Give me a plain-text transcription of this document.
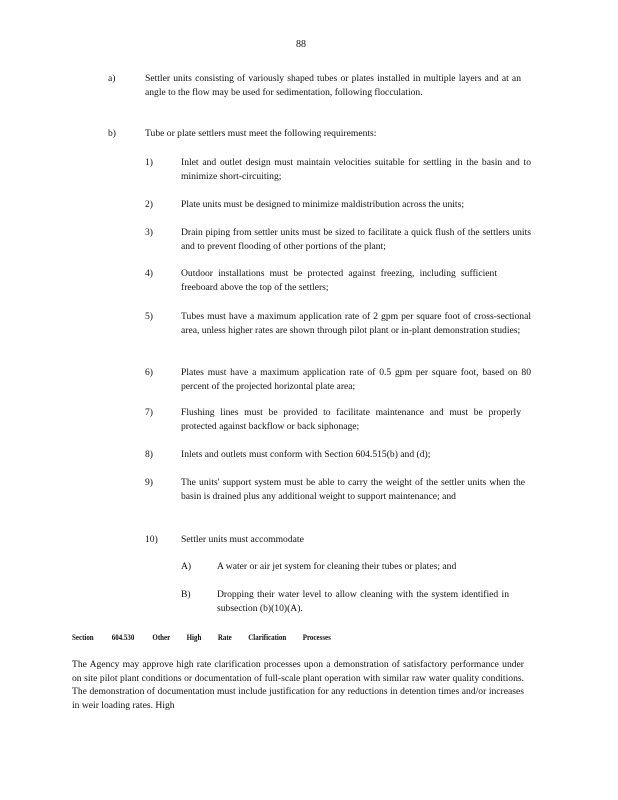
88
a)	Settler units consisting of variously shaped tubes or plates installed in multiple layers and at an angle to the flow may be used for sedimentation, following flocculation.
b)	Tube or plate settlers must meet the following requirements:
1)	Inlet and outlet design must maintain velocities suitable for settling in the basin and to minimize short-circuiting;
2)	Plate units must be designed to minimize maldistribution across the units;
3)	Drain piping from settler units must be sized to facilitate a quick flush of the settlers units and to prevent flooding of other portions of the plant;
4)	Outdoor installations must be protected against freezing, including sufficient freeboard above the top of the settlers;
5)	Tubes must have a maximum application rate of 2 gpm per square foot of cross-sectional area, unless higher rates are shown through pilot plant or in-plant demonstration studies;
6)	Plates must have a maximum application rate of 0.5 gpm per square foot, based on 80 percent of the projected horizontal plate area;
7)	Flushing lines must be provided to facilitate maintenance and must be properly protected against backflow or back siphonage;
8)	Inlets and outlets must conform with Section 604.515(b) and (d);
9)	The units' support system must be able to carry the weight of the settler units when the basin is drained plus any additional weight to support maintenance; and
10) Settler units must accommodate
A)	A water or air jet system for cleaning their tubes or plates; and
B)	Dropping their water level to allow cleaning with the system identified in subsection (b)(10)(A).
Section 604.530 Other High Rate Clarification Processes
The Agency may approve high rate clarification processes upon a demonstration of satisfactory performance under on site pilot plant conditions or documentation of full-scale plant operation with similar raw water quality conditions. The demonstration of documentation must include justification for any reductions in detention times and/or increases in weir loading rates. High
